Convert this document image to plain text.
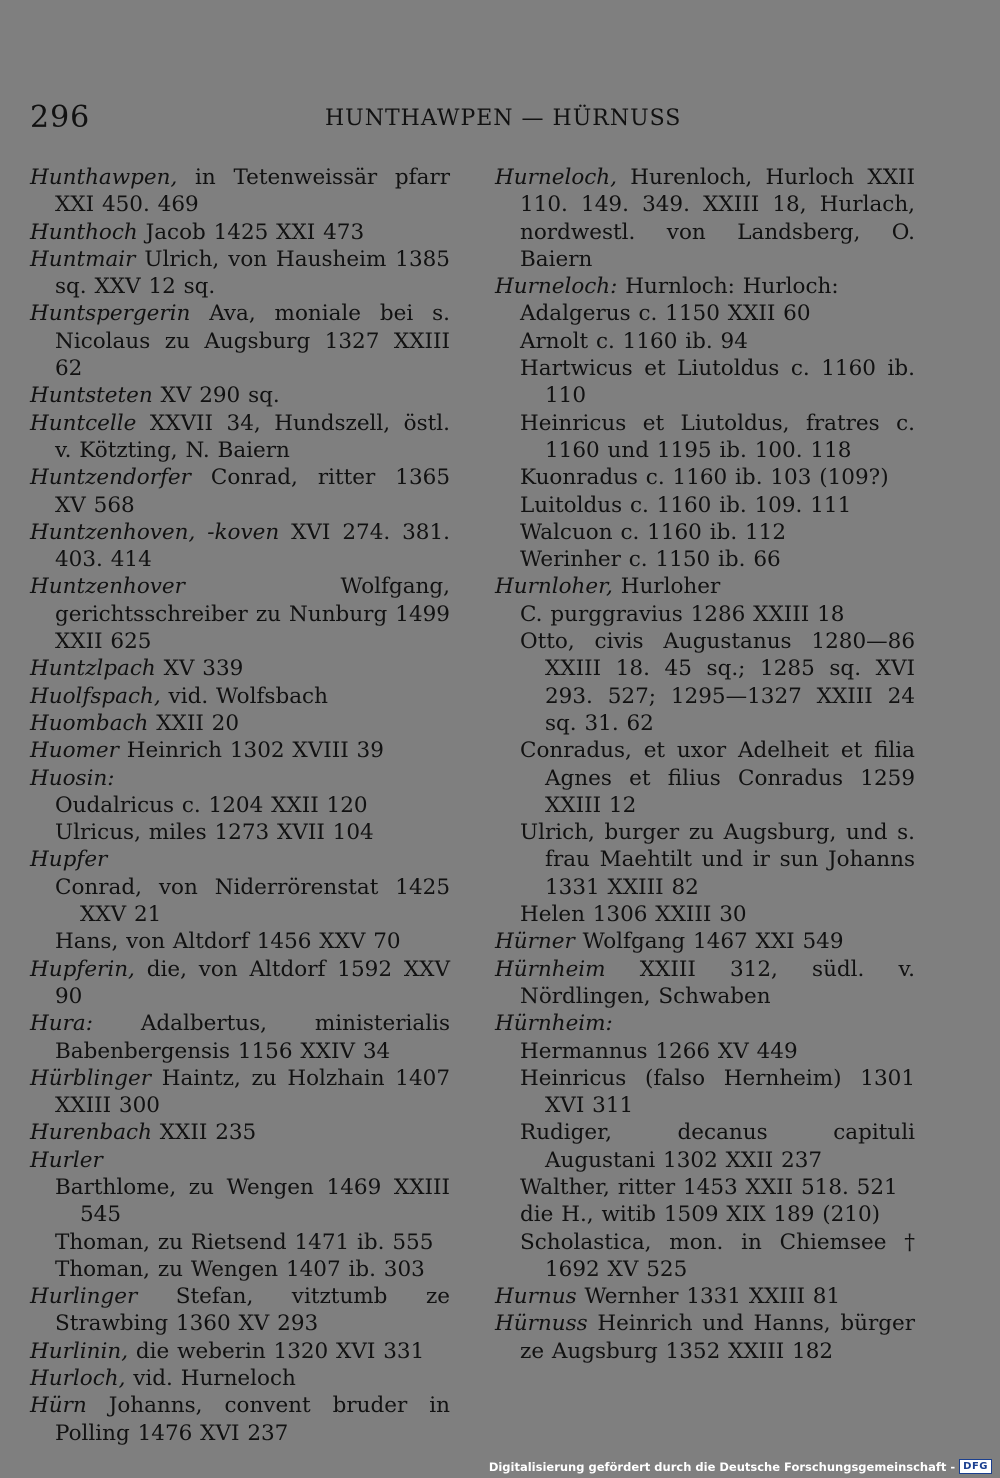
296	HUNTHAWPEN — HÜRNUSS
Hunthawpen, in Tetenweissär pfarr XXI 450. 469
Hunthoch Jacob 1425 XXI 473
Huntmair Ulrich, von Hausheim 1385 sq. XXV 12 sq.
Huntspergerin Ava, moniale bei s. Nicolaus zu Augsburg 1327 XXIII 62
Huntsteten XV 290 sq.
Huntcelle XXVII 34, Hundszell, östl. v. Kötzting, N. Baiern
Huntzendorfer Conrad, ritter 1365 XV 568
Huntzenhoven, -koven XVI 274. 381. 403. 414
Huntzenhover Wolfgang, gerichtsschreiber zu Nunburg 1499 XXII 625
Huntzlpach XV 339
Huolfspach, vid. Wolfsbach
Huombach XXII 20
Huomer Heinrich 1302 XVIII 39
Huosin:
Oudalricus c. 1204 XXII 120
Ulricus, miles 1273 XVII 104
Hupfer
Conrad, von Niderrörenstat 1425 XXV 21
Hans, von Altdorf 1456 XXV 70
Hupferin, die, von Altdorf 1592 XXV 90
Hura: Adalbertus, ministerialis Babenbergensis 1156 XXIV 34
Hürblinger Haintz, zu Holzhain 1407 XXIII 300
Hurenbach XXII 235
Hurler
Barthlome, zu Wengen 1469 XXIII 545
Thoman, zu Rietsend 1471 ib. 555
Thoman, zu Wengen 1407 ib. 303
Hurlinger Stefan, vitztumb ze Strawbing 1360 XV 293
Hurlinin, die weberin 1320 XVI 331
Hurloch, vid. Hurneloch
Hürn Johanns, convent bruder in Polling 1476 XVI 237
Hurneloch, Hurenloch, Hurloch XXII 110. 149. 349. XXIII 18, Hurlach, nordwestl. von Landsberg, O. Baiern
Hurneloch: Hurnloch: Hurloch:
Adalgerus c. 1150 XXII 60
Arnolt c. 1160 ib. 94
Hartwicus et Liutoldus c. 1160 ib. 110
Heinricus et Liutoldus, fratres c. 1160 und 1195 ib. 100. 118
Kuonradus c. 1160 ib. 103 (109?)
Luitoldus c. 1160 ib. 109. 111
Walcuon c. 1160 ib. 112
Werinher c. 1150 ib. 66
Hurnloher, Hurloher
C. purggravius 1286 XXIII 18
Otto, civis Augustanus 1280—86 XXIII 18. 45 sq.; 1285 sq. XVI 293. 527; 1295—1327 XXIII 24 sq. 31. 62
Conradus, et uxor Adelheit et filia Agnes et filius Conradus 1259 XXIII 12
Ulrich, burger zu Augsburg, und s. frau Maehtilt und ir sun Johanns 1331 XXIII 82
Helen 1306 XXIII 30
Hürner Wolfgang 1467 XXI 549
Hürnheim XXIII 312, südl. v. Nördlingen, Schwaben
Hürnheim:
Hermannus 1266 XV 449
Heinricus (falso Hernheim) 1301 XVI 311
Rudiger, decanus capituli Augustani 1302 XXII 237
Walther, ritter 1453 XXII 518. 521
die H., witib 1509 XIX 189 (210)
Scholastica, mon. in Chiemsee † 1692 XV 525
Hurnus Wernher 1331 XXIII 81
Hürnuss Heinrich und Hanns, bürger ze Augsburg 1352 XXIII 182
Digitalisierung gefördert durch die Deutsche Forschungsgemeinschaft - DFG
